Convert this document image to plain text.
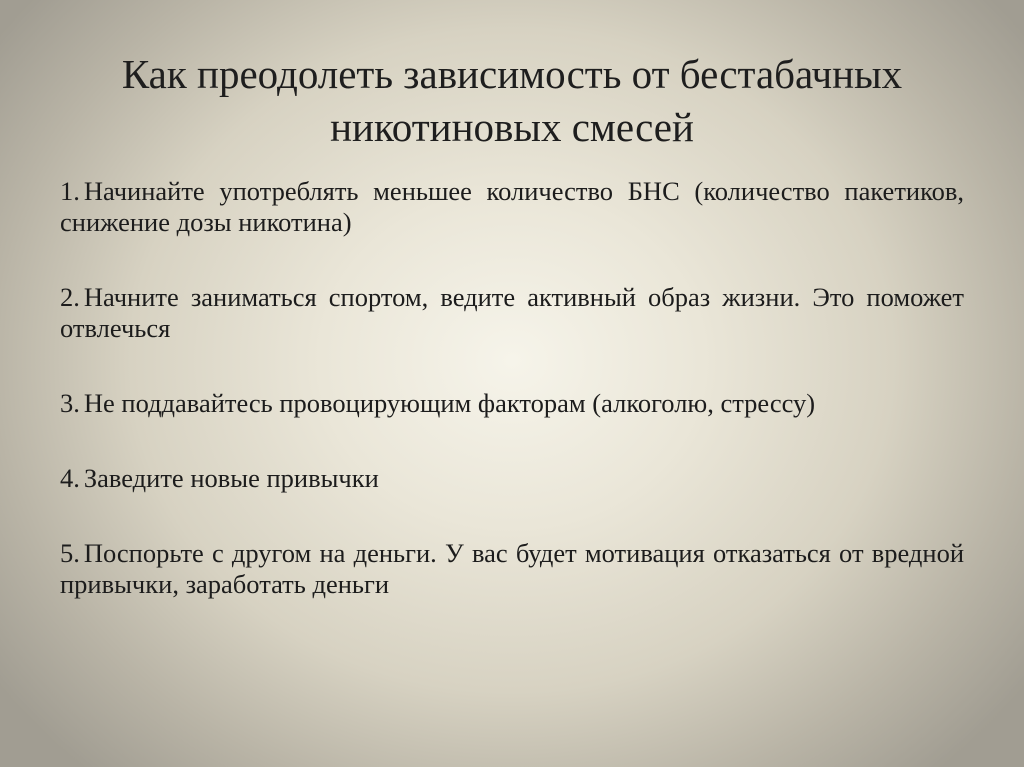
Как преодолеть зависимость от бестабачных
никотиновых смесей
1. Начинайте употреблять меньшее количество БНС (количество пакетиков, снижение дозы никотина)
2. Начните заниматься спортом, ведите активный образ жизни. Это поможет отвлечься
3. Не поддавайтесь провоцирующим факторам (алкоголю, стрессу)
4. Заведите новые привычки
5. Поспорьте с другом на деньги. У вас будет мотивация отказаться от вредной привычки, заработать деньги
